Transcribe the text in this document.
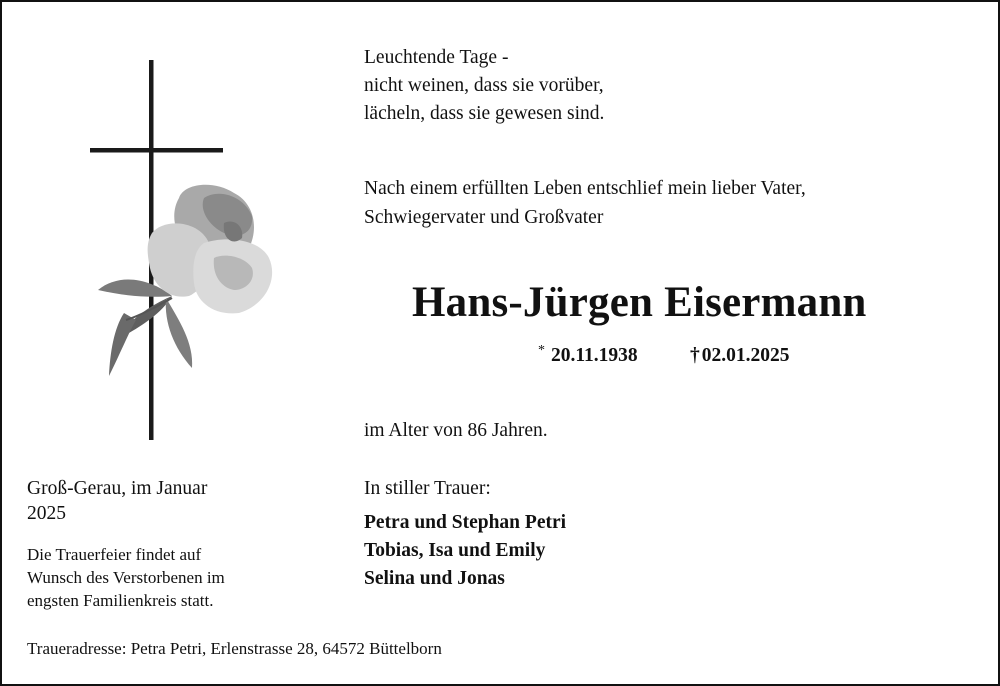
Leuchtende Tage -
nicht weinen, dass sie vorüber,
lächeln, dass sie gewesen sind.
Nach einem erfüllten Leben entschlief mein lieber Vater,
Schwiegervater und Großvater
Hans-Jürgen Eisermann
* 20.11.1938	† 02.01.2025
im Alter von 86 Jahren.
In stiller Trauer:
Petra und Stephan Petri
Tobias, Isa und Emily
Selina und Jonas
Groß-Gerau, im Januar
2025
Die Trauerfeier findet auf
Wunsch des Verstorbenen im
engsten Familienkreis statt.
Traueradresse: Petra Petri, Erlenstrasse 28, 64572 Büttelborn
